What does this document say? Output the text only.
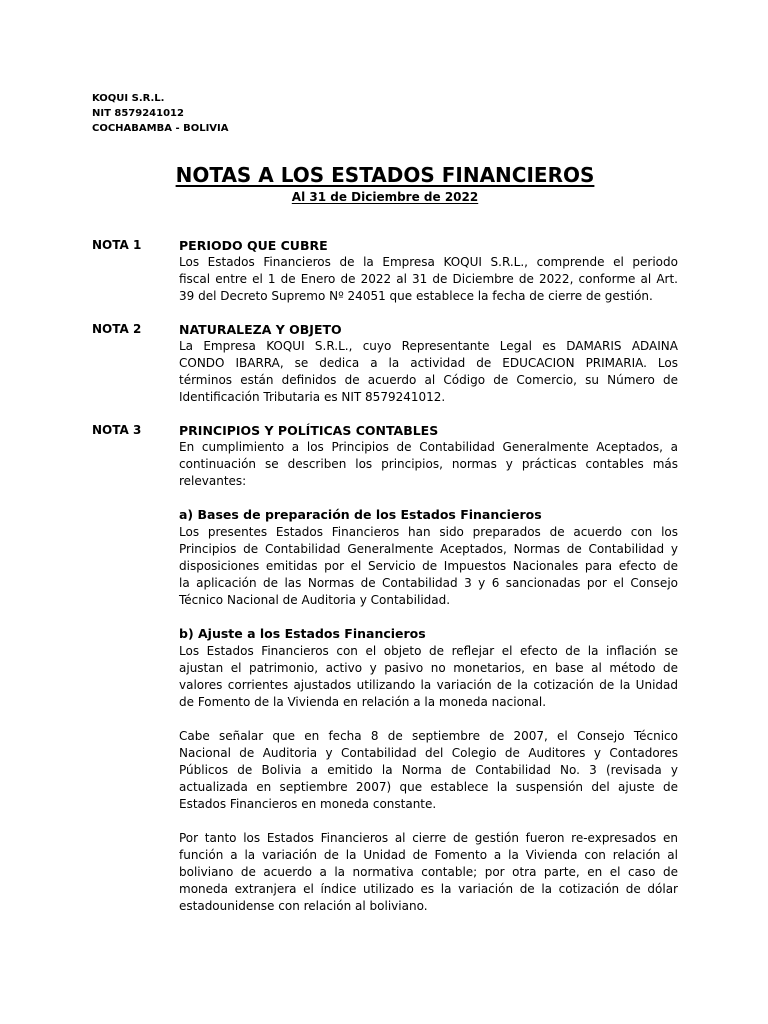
KOQUI S.R.L.
NIT 8579241012
COCHABAMBA - BOLIVIA
NOTAS A LOS ESTADOS FINANCIEROS
Al 31 de Diciembre de 2022
NOTA 1	PERIODO QUE CUBRE
Los Estados Financieros de la Empresa KOQUI S.R.L., comprende el periodo
fiscal entre el 1 de Enero de 2022 al 31 de Diciembre de 2022, conforme al Art.
39 del Decreto Supremo Nº 24051 que establece la fecha de cierre de gestión.
NOTA 2	NATURALEZA Y OBJETO
La Empresa KOQUI S.R.L., cuyo Representante Legal es DAMARIS ADAINA
CONDO IBARRA, se dedica a la actividad de EDUCACION PRIMARIA. Los
términos están definidos de acuerdo al Código de Comercio, su Número de
Identificación Tributaria es NIT 8579241012.
NOTA 3	PRINCIPIOS Y POLÍTICAS CONTABLES
En cumplimiento a los Principios de Contabilidad Generalmente Aceptados, a
continuación se describen los principios, normas y prácticas contables más
relevantes:
a) Bases de preparación de los Estados Financieros
Los presentes Estados Financieros han sido preparados de acuerdo con los
Principios de Contabilidad Generalmente Aceptados, Normas de Contabilidad y
disposiciones emitidas por el Servicio de Impuestos Nacionales para efecto de
la aplicación de las Normas de Contabilidad 3 y 6 sancionadas por el Consejo
Técnico Nacional de Auditoria y Contabilidad.
b) Ajuste a los Estados Financieros
Los Estados Financieros con el objeto de reflejar el efecto de la inflación se
ajustan el patrimonio, activo y pasivo no monetarios, en base al método de
valores corrientes ajustados utilizando la variación de la cotización de la Unidad
de Fomento de la Vivienda en relación a la moneda nacional.
Cabe señalar que en fecha 8 de septiembre de 2007, el Consejo Técnico
Nacional de Auditoria y Contabilidad del Colegio de Auditores y Contadores
Públicos de Bolivia a emitido la Norma de Contabilidad No. 3 (revisada y
actualizada en septiembre 2007) que establece la suspensión del ajuste de
Estados Financieros en moneda constante.
Por tanto los Estados Financieros al cierre de gestión fueron re-expresados en
función a la variación de la Unidad de Fomento a la Vivienda con relación al
boliviano de acuerdo a la normativa contable; por otra parte, en el caso de
moneda extranjera el índice utilizado es la variación de la cotización de dólar
estadounidense con relación al boliviano.
